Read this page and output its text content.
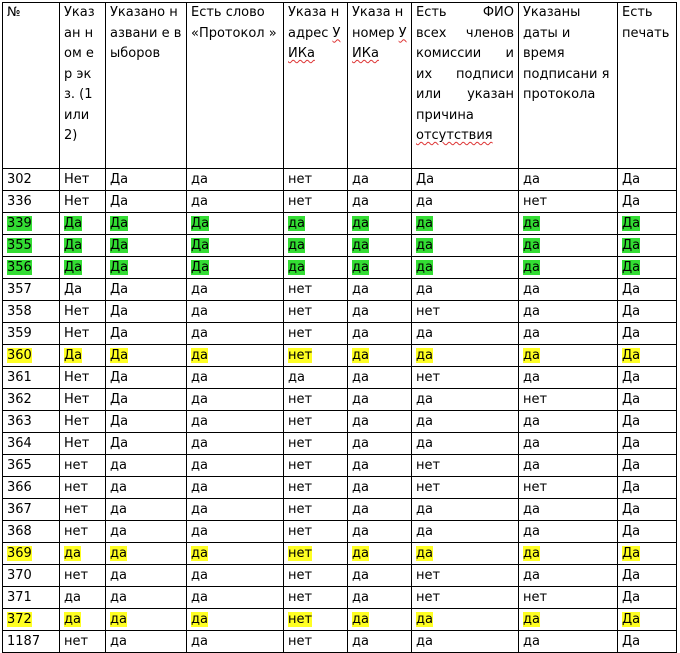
№	Указ ан ном ер экз. (1 или 2)	Указано названи е выборов	Есть слово «Протокол »	Указа н адрес УИКа	Указа н номер УИКа	Есть ФИО всех членов комиссии и их подписи или указан причина отсутствия	Указаны даты и время подписани я протокола	Есть печать
302	Нет	Да	да	нет	да	Да	да	Да
336	Нет	Да	да	нет	да	да	нет	Да
339	Да	Да	Да	да	да	да	да	Да
355	Да	Да	Да	да	да	да	да	Да
356	Да	Да	Да	да	да	да	да	Да
357	Да	Да	да	нет	да	да	да	Да
358	Нет	Да	да	нет	да	нет	да	Да
359	Нет	Да	да	нет	да	да	да	Да
360	Да	Да	да	нет	да	да	да	Да
361	Нет	Да	да	да	да	нет	да	Да
362	Нет	Да	да	нет	да	да	нет	Да
363	Нет	Да	да	нет	да	да	да	Да
364	Нет	Да	да	нет	да	да	да	Да
365	нет	да	да	нет	да	нет	да	Да
366	нет	да	да	нет	да	нет	нет	Да
367	нет	да	да	нет	да	да	да	Да
368	нет	да	да	нет	да	да	да	Да
369	да	да	да	нет	да	да	да	Да
370	нет	да	да	нет	да	нет	да	Да
371	да	да	да	нет	да	нет	нет	Да
372	да	да	да	нет	да	да	да	Да
1187	нет	да	да	нет	да	да	да	Да
